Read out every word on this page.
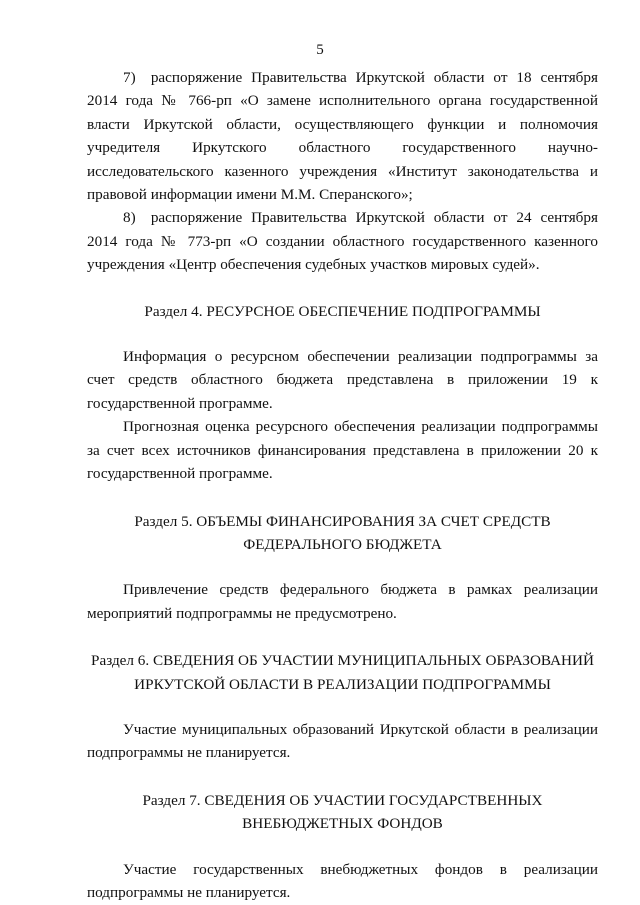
5

7) распоряжение Правительства Иркутской области от 18 сентября 2014 года № 766-рп «О замене исполнительного органа государственной власти Иркутской области, осуществляющего функции и полномочия учредителя Иркутского областного государственного научно-исследовательского казенного учреждения «Институт законодательства и правовой информации имени М.М. Сперанского»;

8) распоряжение Правительства Иркутской области от 24 сентября 2014 года № 773-рп «О создании областного государственного казенного учреждения «Центр обеспечения судебных участков мировых судей».

Раздел 4. РЕСУРСНОЕ ОБЕСПЕЧЕНИЕ ПОДПРОГРАММЫ

Информация о ресурсном обеспечении реализации подпрограммы за счет средств областного бюджета представлена в приложении 19 к государственной программе.

Прогнозная оценка ресурсного обеспечения реализации подпрограммы за счет всех источников финансирования представлена в приложении 20 к государственной программе.

Раздел 5. ОБЪЕМЫ ФИНАНСИРОВАНИЯ ЗА СЧЕТ СРЕДСТВ
ФЕДЕРАЛЬНОГО БЮДЖЕТА

Привлечение средств федерального бюджета в рамках реализации мероприятий подпрограммы не предусмотрено.

Раздел 6. СВЕДЕНИЯ ОБ УЧАСТИИ МУНИЦИПАЛЬНЫХ ОБРАЗОВАНИЙ
ИРКУТСКОЙ ОБЛАСТИ В РЕАЛИЗАЦИИ ПОДПРОГРАММЫ

Участие муниципальных образований Иркутской области в реализации подпрограммы не планируется.

Раздел 7. СВЕДЕНИЯ ОБ УЧАСТИИ ГОСУДАРСТВЕННЫХ
ВНЕБЮДЖЕТНЫХ ФОНДОВ

Участие государственных внебюджетных фондов в реализации подпрограммы не планируется.
